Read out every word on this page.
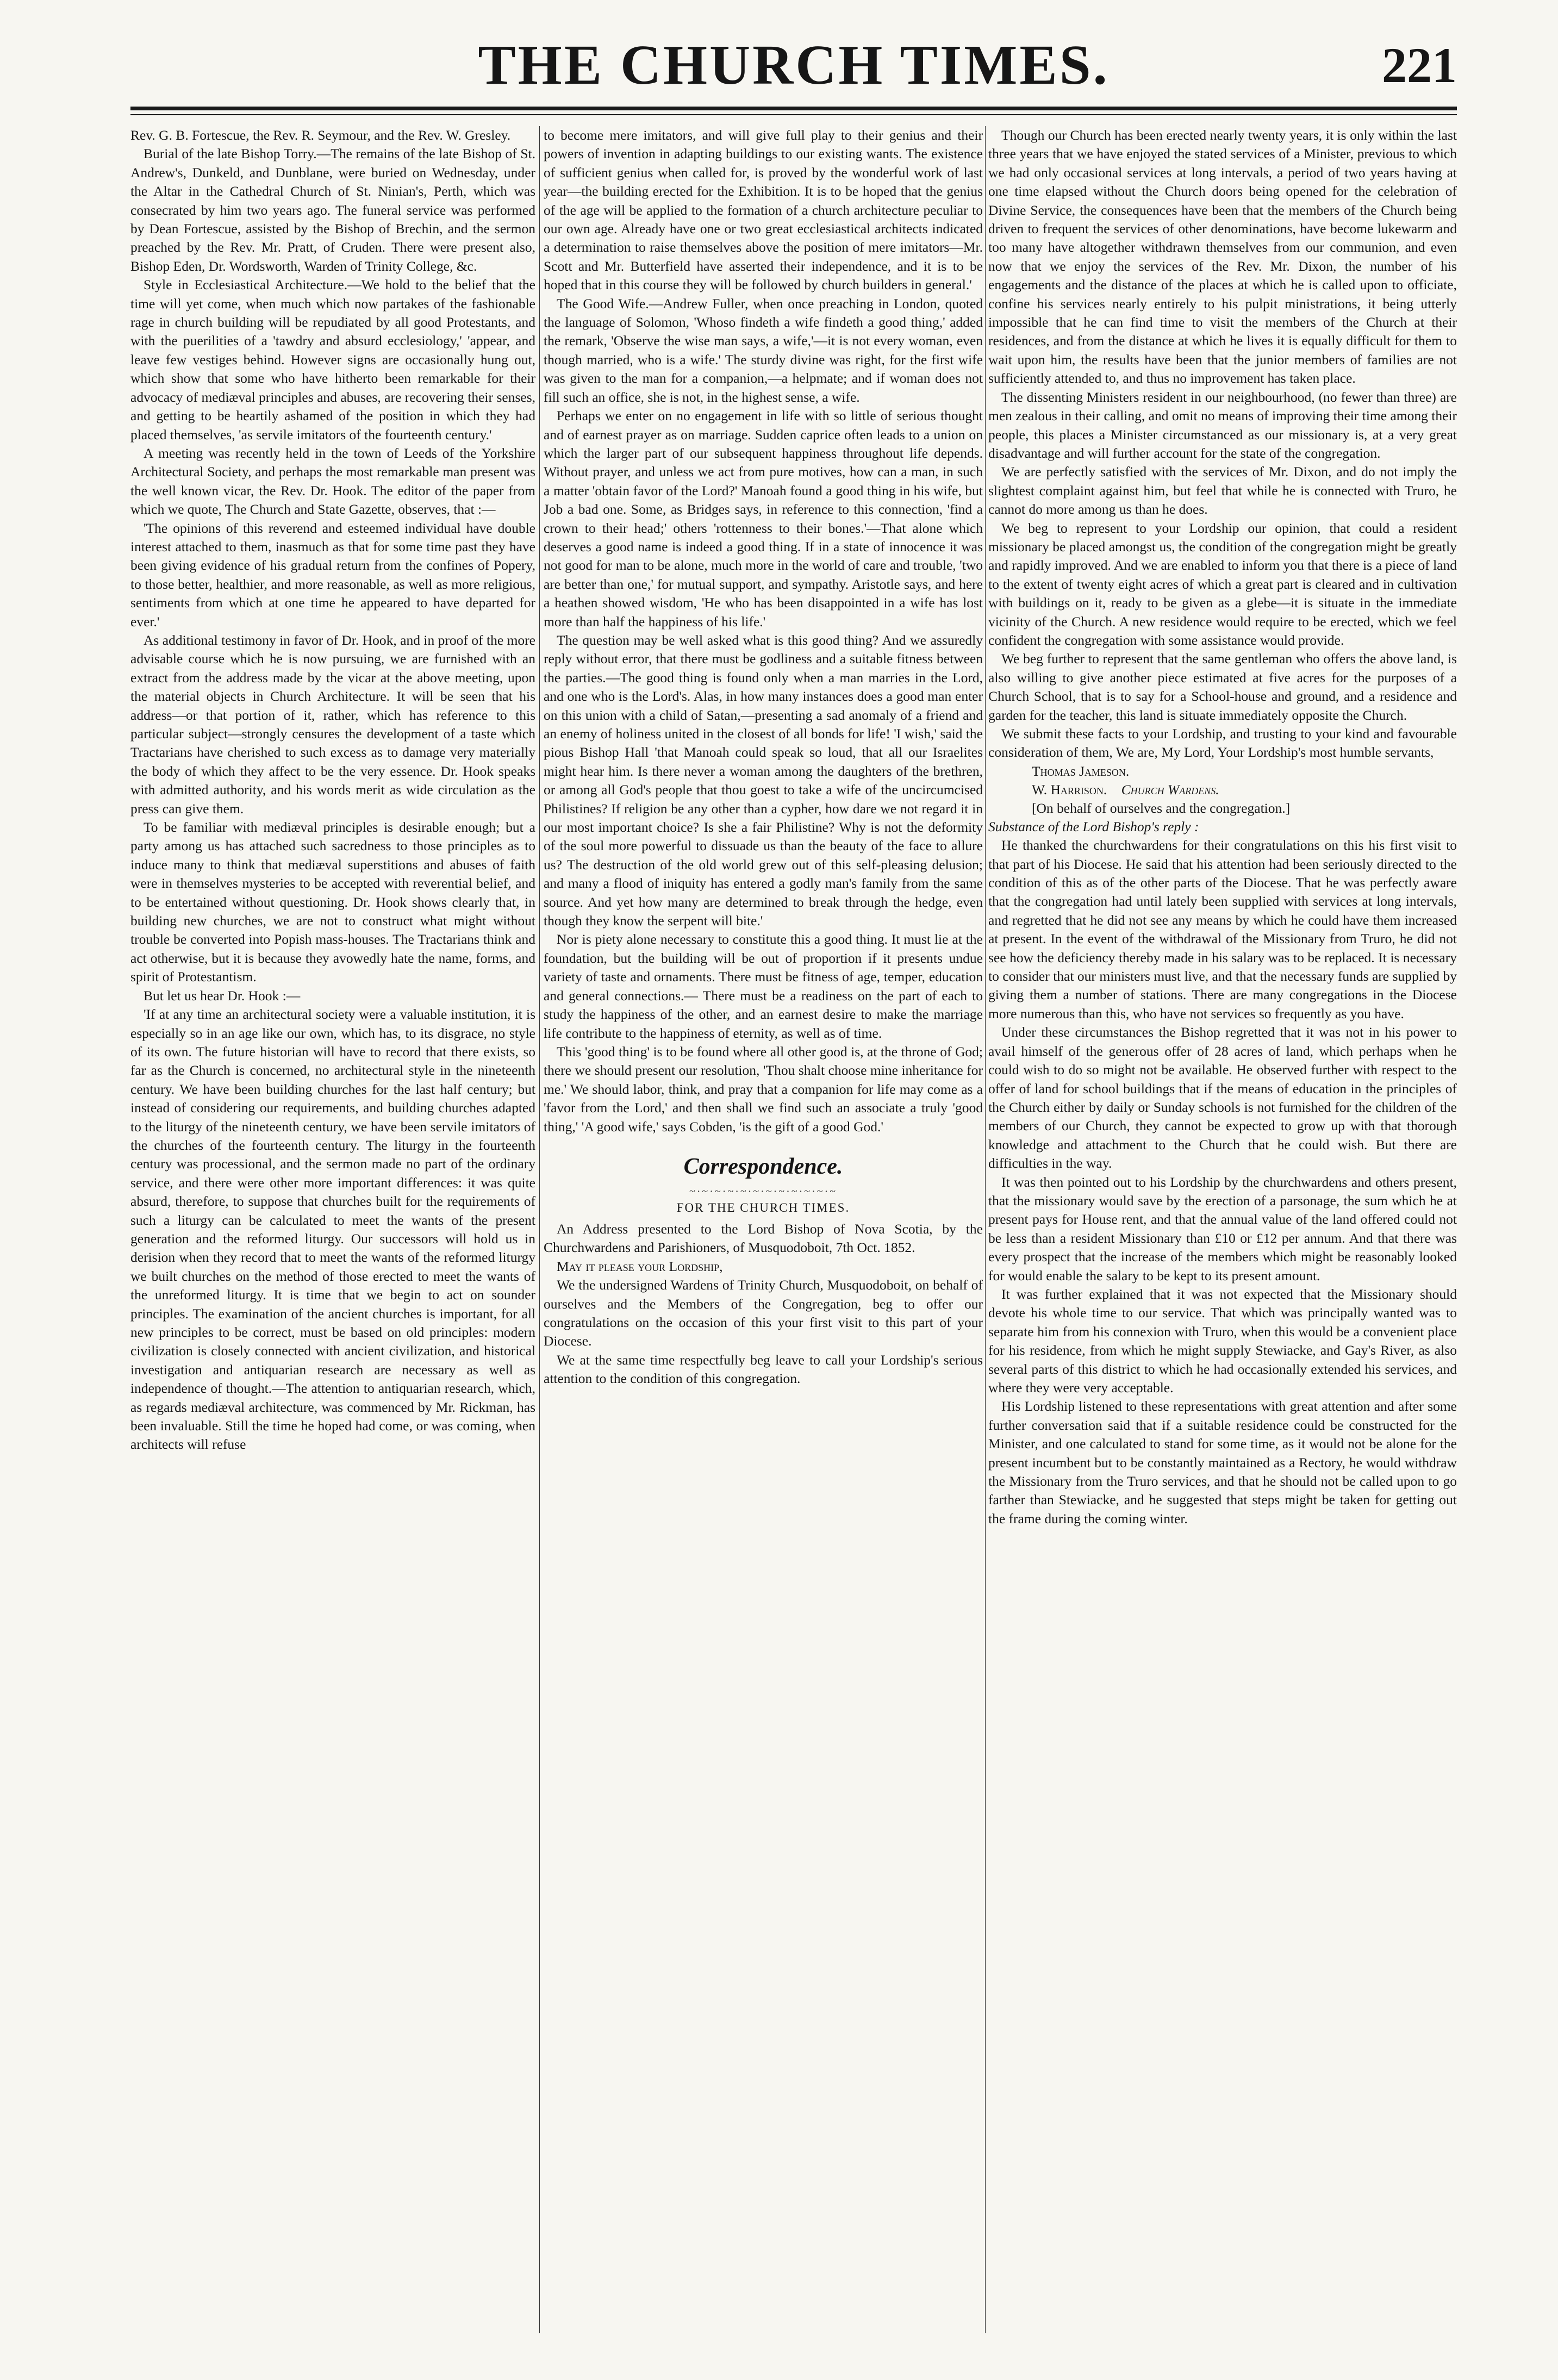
THE CHURCH TIMES.	221

Rev. G. B. Fortescue, the Rev. R. Seymour, and the Rev. W. Gresley.

Burial of the late Bishop Torry.—The remains of the late Bishop of St. Andrew's, Dunkeld, and Dunblane, were buried on Wednesday, under the Altar in the Cathedral Church of St. Ninian's, Perth, which was consecrated by him two years ago. The funeral service was performed by Dean Fortescue, assisted by the Bishop of Brechin, and the sermon preached by the Rev. Mr. Pratt, of Cruden. There were present also, Bishop Eden, Dr. Wordsworth, Warden of Trinity College, &c.

Style in Ecclesiastical Architecture.—We hold to the belief that the time will yet come, when much which now partakes of the fashionable rage in church building will be repudiated by all good Protestants, and with the puerilities of a 'tawdry and absurd ecclesiology,' 'appear, and leave few vestiges behind. However signs are occasionally hung out, which show that some who have hitherto been remarkable for their advocacy of mediæval principles and abuses, are recovering their senses, and getting to be heartily ashamed of the position in which they had placed themselves, 'as servile imitators of the fourteenth century.'

A meeting was recently held in the town of Leeds of the Yorkshire Architectural Society, and perhaps the most remarkable man present was the well known vicar, the Rev. Dr. Hook. The editor of the paper from which we quote, The Church and State Gazette, observes, that :—

'The opinions of this reverend and esteemed individual have double interest attached to them, inasmuch as that for some time past they have been giving evidence of his gradual return from the confines of Popery, to those better, healthier, and more reasonable, as well as more religious, sentiments from which at one time he appeared to have departed for ever.'

As additional testimony in favor of Dr. Hook, and in proof of the more advisable course which he is now pursuing, we are furnished with an extract from the address made by the vicar at the above meeting, upon the material objects in Church Architecture. It will be seen that his address—or that portion of it, rather, which has reference to this particular subject—strongly censures the development of a taste which Tractarians have cherished to such excess as to damage very materially the body of which they affect to be the very essence. Dr. Hook speaks with admitted authority, and his words merit as wide circulation as the press can give them.

To be familiar with mediæval principles is desirable enough; but a party among us has attached such sacredness to those principles as to induce many to think that mediæval superstitions and abuses of faith were in themselves mysteries to be accepted with reverential belief, and to be entertained without questioning. Dr. Hook shows clearly that, in building new churches, we are not to construct what might without trouble be converted into Popish mass-houses. The Tractarians think and act otherwise, but it is because they avowedly hate the name, forms, and spirit of Protestantism.

But let us hear Dr. Hook :—

'If at any time an architectural society were a valuable institution, it is especially so in an age like our own, which has, to its disgrace, no style of its own. The future historian will have to record that there exists, so far as the Church is concerned, no architectural style in the nineteenth century. We have been building churches for the last half century; but instead of considering our requirements, and building churches adapted to the liturgy of the nineteenth century, we have been servile imitators of the churches of the fourteenth century. The liturgy in the fourteenth century was processional, and the sermon made no part of the ordinary service, and there were other more important differences: it was quite absurd, therefore, to suppose that churches built for the requirements of such a liturgy can be calculated to meet the wants of the present generation and the reformed liturgy. Our successors will hold us in derision when they record that to meet the wants of the reformed liturgy we built churches on the method of those erected to meet the wants of the unreformed liturgy. It is time that we begin to act on sounder principles. The examination of the ancient churches is important, for all new principles to be correct, must be based on old principles: modern civilization is closely connected with ancient civilization, and historical investigation and antiquarian research are necessary as well as independence of thought.—The attention to antiquarian research, which, as regards mediæval architecture, was commenced by Mr. Rickman, has been invaluable. Still the time he hoped had come, or was coming, when architects will refuse

to become mere imitators, and will give full play to their genius and their powers of invention in adapting buildings to our existing wants. The existence of sufficient genius when called for, is proved by the wonderful work of last year—the building erected for the Exhibition. It is to be hoped that the genius of the age will be applied to the formation of a church architecture peculiar to our own age. Already have one or two great ecclesiastical architects indicated a determination to raise themselves above the position of mere imitators—Mr. Scott and Mr. Butterfield have asserted their independence, and it is to be hoped that in this course they will be followed by church builders in general.'

The Good Wife.—Andrew Fuller, when once preaching in London, quoted the language of Solomon, 'Whoso findeth a wife findeth a good thing,' added the remark, 'Observe the wise man says, a wife,'—it is not every woman, even though married, who is a wife.' The sturdy divine was right, for the first wife was given to the man for a companion,—a helpmate; and if woman does not fill such an office, she is not, in the highest sense, a wife.

Perhaps we enter on no engagement in life with so little of serious thought and of earnest prayer as on marriage. Sudden caprice often leads to a union on which the larger part of our subsequent happiness throughout life depends. Without prayer, and unless we act from pure motives, how can a man, in such a matter 'obtain favor of the Lord?' Manoah found a good thing in his wife, but Job a bad one. Some, as Bridges says, in reference to this connection, 'find a crown to their head;' others 'rottenness to their bones.'—That alone which deserves a good name is indeed a good thing. If in a state of innocence it was not good for man to be alone, much more in the world of care and trouble, 'two are better than one,' for mutual support, and sympathy. Aristotle says, and here a heathen showed wisdom, 'He who has been disappointed in a wife has lost more than half the happiness of his life.'

The question may be well asked what is this good thing? And we assuredly reply without error, that there must be godliness and a suitable fitness between the parties.—The good thing is found only when a man marries in the Lord, and one who is the Lord's. Alas, in how many instances does a good man enter on this union with a child of Satan,—presenting a sad anomaly of a friend and an enemy of holiness united in the closest of all bonds for life! 'I wish,' said the pious Bishop Hall 'that Manoah could speak so loud, that all our Israelites might hear him. Is there never a woman among the daughters of the brethren, or among all God's people that thou goest to take a wife of the uncircumcised Philistines? If religion be any other than a cypher, how dare we not regard it in our most important choice? Is she a fair Philistine? Why is not the deformity of the soul more powerful to dissuade us than the beauty of the face to allure us? The destruction of the old world grew out of this self-pleasing delusion; and many a flood of iniquity has entered a godly man's family from the same source. And yet how many are determined to break through the hedge, even though they know the serpent will bite.'

Nor is piety alone necessary to constitute this a good thing. It must lie at the foundation, but the building will be out of proportion if it presents undue variety of taste and ornaments. There must be fitness of age, temper, education and general connections.— There must be a readiness on the part of each to study the happiness of the other, and an earnest desire to make the marriage life contribute to the happiness of eternity, as well as of time.

This 'good thing' is to be found where all other good is, at the throne of God; there we should present our resolution, 'Thou shalt choose mine inheritance for me.' We should labor, think, and pray that a companion for life may come as a 'favor from the Lord,' and then shall we find such an associate a truly 'good thing,' 'A good wife,' says Cobden, 'is the gift of a good God.'

Correspondence.
~·~·~·~·~·~·~·~·~·~·~·~
FOR THE CHURCH TIMES.

An Address presented to the Lord Bishop of Nova Scotia, by the Churchwardens and Parishioners, of Musquodoboit, 7th Oct. 1852.

May it please your Lordship,

We the undersigned Wardens of Trinity Church, Musquodoboit, on behalf of ourselves and the Members of the Congregation, beg to offer our congratulations on the occasion of this your first visit to this part of your Diocese.

We at the same time respectfully beg leave to call your Lordship's serious attention to the condition of this congregation.

Though our Church has been erected nearly twenty years, it is only within the last three years that we have enjoyed the stated services of a Minister, previous to which we had only occasional services at long intervals, a period of two years having at one time elapsed without the Church doors being opened for the celebration of Divine Service, the consequences have been that the members of the Church being driven to frequent the services of other denominations, have become lukewarm and too many have altogether withdrawn themselves from our communion, and even now that we enjoy the services of the Rev. Mr. Dixon, the number of his engagements and the distance of the places at which he is called upon to officiate, confine his services nearly entirely to his pulpit ministrations, it being utterly impossible that he can find time to visit the members of the Church at their residences, and from the distance at which he lives it is equally difficult for them to wait upon him, the results have been that the junior members of families are not sufficiently attended to, and thus no improvement has taken place.

The dissenting Ministers resident in our neighbourhood, (no fewer than three) are men zealous in their calling, and omit no means of improving their time among their people, this places a Minister circumstanced as our missionary is, at a very great disadvantage and will further account for the state of the congregation.

We are perfectly satisfied with the services of Mr. Dixon, and do not imply the slightest complaint against him, but feel that while he is connected with Truro, he cannot do more among us than he does.

We beg to represent to your Lordship our opinion, that could a resident missionary be placed amongst us, the condition of the congregation might be greatly and rapidly improved. And we are enabled to inform you that there is a piece of land to the extent of twenty eight acres of which a great part is cleared and in cultivation with buildings on it, ready to be given as a glebe—it is situate in the immediate vicinity of the Church. A new residence would require to be erected, which we feel confident the congregation with some assistance would provide.

We beg further to represent that the same gentleman who offers the above land, is also willing to give another piece estimated at five acres for the purposes of a Church School, that is to say for a School-house and ground, and a residence and garden for the teacher, this land is situate immediately opposite the Church.

We submit these facts to your Lordship, and trusting to your kind and favourable consideration of them, We are, My Lord, Your Lordship's most humble servants,

Thomas Jameson.
W. Harrison. Church Wardens.
[On behalf of ourselves and the congregation.]

Substance of the Lord Bishop's reply :

He thanked the churchwardens for their congratulations on this his first visit to that part of his Diocese. He said that his attention had been seriously directed to the condition of this as of the other parts of the Diocese. That he was perfectly aware that the congregation had until lately been supplied with services at long intervals, and regretted that he did not see any means by which he could have them increased at present. In the event of the withdrawal of the Missionary from Truro, he did not see how the deficiency thereby made in his salary was to be replaced. It is necessary to consider that our ministers must live, and that the necessary funds are supplied by giving them a number of stations. There are many congregations in the Diocese more numerous than this, who have not services so frequently as you have.

Under these circumstances the Bishop regretted that it was not in his power to avail himself of the generous offer of 28 acres of land, which perhaps when he could wish to do so might not be available. He observed further with respect to the offer of land for school buildings that if the means of education in the principles of the Church either by daily or Sunday schools is not furnished for the children of the members of our Church, they cannot be expected to grow up with that thorough knowledge and attachment to the Church that he could wish. But there are difficulties in the way.

It was then pointed out to his Lordship by the churchwardens and others present, that the missionary would save by the erection of a parsonage, the sum which he at present pays for House rent, and that the annual value of the land offered could not be less than a resident Missionary than £10 or £12 per annum. And that there was every prospect that the increase of the members which might be reasonably looked for would enable the salary to be kept to its present amount.

It was further explained that it was not expected that the Missionary should devote his whole time to our service. That which was principally wanted was to separate him from his connexion with Truro, when this would be a convenient place for his residence, from which he might supply Stewiacke, and Gay's River, as also several parts of this district to which he had occasionally extended his services, and where they were very acceptable.

His Lordship listened to these representations with great attention and after some further conversation said that if a suitable residence could be constructed for the Minister, and one calculated to stand for some time, as it would not be alone for the present incumbent but to be constantly maintained as a Rectory, he would withdraw the Missionary from the Truro services, and that he should not be called upon to go farther than Stewiacke, and he suggested that steps might be taken for getting out the frame during the coming winter.
